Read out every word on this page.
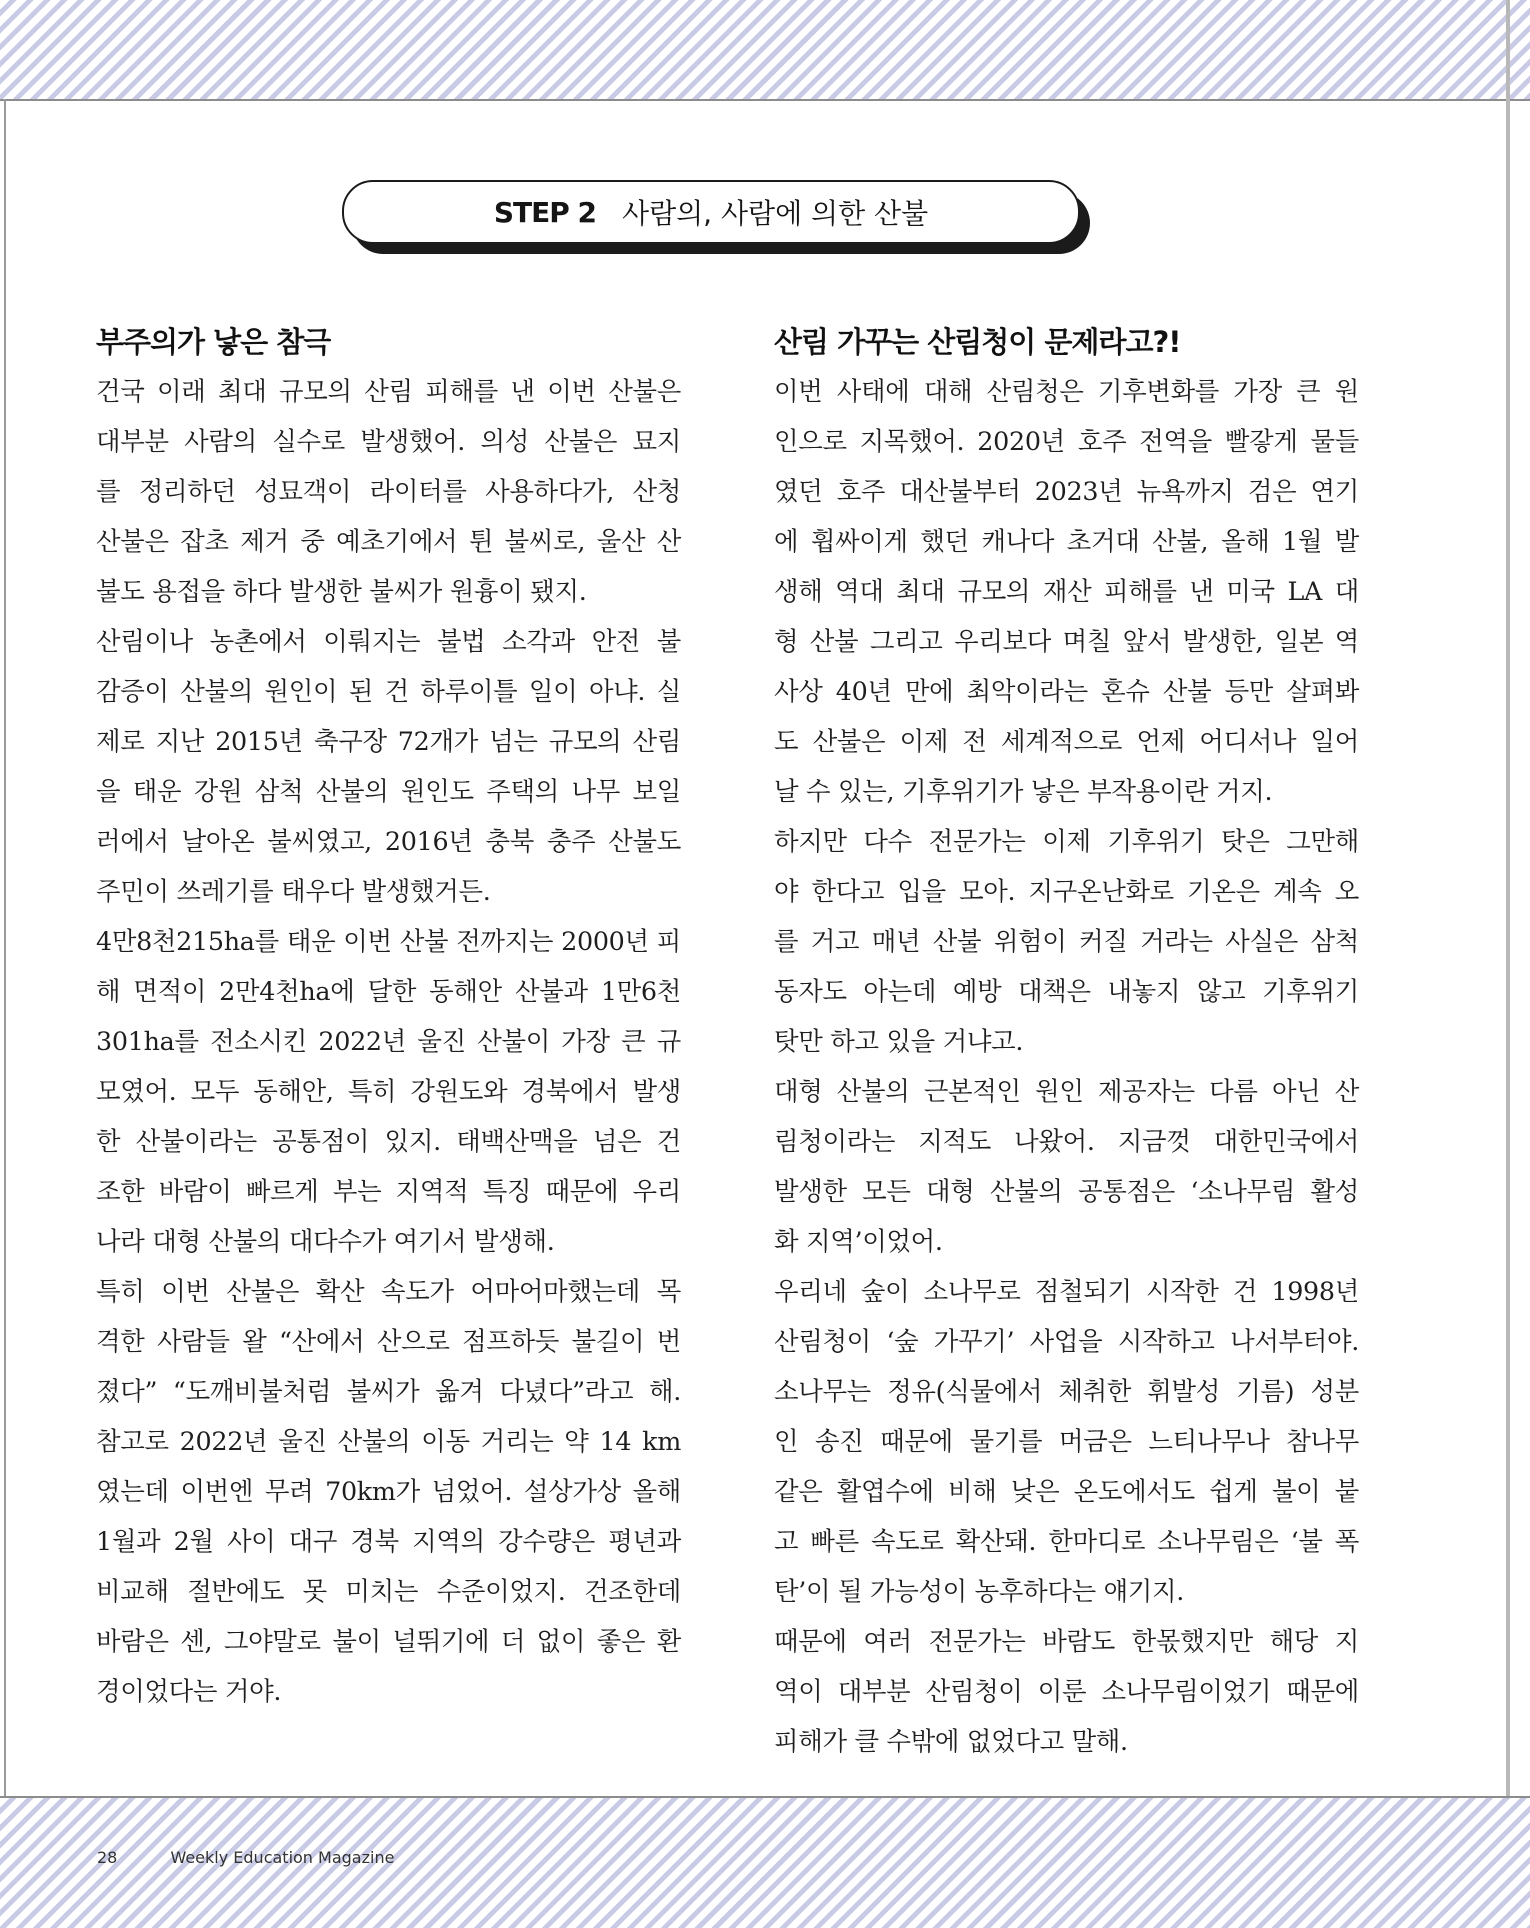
STEP 2 사람의, 사람에 의한 산불
부주의가 낳은 참극
건국 이래 최대 규모의 산림 피해를 낸 이번 산불은
대부분 사람의 실수로 발생했어. 의성 산불은 묘지
를 정리하던 성묘객이 라이터를 사용하다가, 산청
산불은 잡초 제거 중 예초기에서 튄 불씨로, 울산 산
불도 용접을 하다 발생한 불씨가 원흉이 됐지.
산림이나 농촌에서 이뤄지는 불법 소각과 안전 불
감증이 산불의 원인이 된 건 하루이틀 일이 아냐. 실
제로 지난 2015년 축구장 72개가 넘는 규모의 산림
을 태운 강원 삼척 산불의 원인도 주택의 나무 보일
러에서 날아온 불씨였고, 2016년 충북 충주 산불도
주민이 쓰레기를 태우다 발생했거든.
4만8천215ha를 태운 이번 산불 전까지는 2000년 피
해 면적이 2만4천ha에 달한 동해안 산불과 1만6천
301ha를 전소시킨 2022년 울진 산불이 가장 큰 규
모였어. 모두 동해안, 특히 강원도와 경북에서 발생
한 산불이라는 공통점이 있지. 태백산맥을 넘은 건
조한 바람이 빠르게 부는 지역적 특징 때문에 우리
나라 대형 산불의 대다수가 여기서 발생해.
특히 이번 산불은 확산 속도가 어마어마했는데 목
격한 사람들 왈 “산에서 산으로 점프하듯 불길이 번
졌다” “도깨비불처럼 불씨가 옮겨 다녔다”라고 해.
참고로 2022년 울진 산불의 이동 거리는 약 14 km
였는데 이번엔 무려 70km가 넘었어. 설상가상 올해
1월과 2월 사이 대구 경북 지역의 강수량은 평년과
비교해 절반에도 못 미치는 수준이었지. 건조한데
바람은 센, 그야말로 불이 널뛰기에 더 없이 좋은 환
경이었다는 거야.
산림 가꾸는 산림청이 문제라고?!
이번 사태에 대해 산림청은 기후변화를 가장 큰 원
인으로 지목했어. 2020년 호주 전역을 빨갛게 물들
였던 호주 대산불부터 2023년 뉴욕까지 검은 연기
에 휩싸이게 했던 캐나다 초거대 산불, 올해 1월 발
생해 역대 최대 규모의 재산 피해를 낸 미국 LA 대
형 산불 그리고 우리보다 며칠 앞서 발생한, 일본 역
사상 40년 만에 최악이라는 혼슈 산불 등만 살펴봐
도 산불은 이제 전 세계적으로 언제 어디서나 일어
날 수 있는, 기후위기가 낳은 부작용이란 거지.
하지만 다수 전문가는 이제 기후위기 탓은 그만해
야 한다고 입을 모아. 지구온난화로 기온은 계속 오
를 거고 매년 산불 위험이 커질 거라는 사실은 삼척
동자도 아는데 예방 대책은 내놓지 않고 기후위기
탓만 하고 있을 거냐고.
대형 산불의 근본적인 원인 제공자는 다름 아닌 산
림청이라는 지적도 나왔어. 지금껏 대한민국에서
발생한 모든 대형 산불의 공통점은 ‘소나무림 활성
화 지역’이었어.
우리네 숲이 소나무로 점철되기 시작한 건 1998년
산림청이 ‘숲 가꾸기’ 사업을 시작하고 나서부터야.
소나무는 정유(식물에서 체취한 휘발성 기름) 성분
인 송진 때문에 물기를 머금은 느티나무나 참나무
같은 활엽수에 비해 낮은 온도에서도 쉽게 불이 붙
고 빠른 속도로 확산돼. 한마디로 소나무림은 ‘불 폭
탄’이 될 가능성이 농후하다는 얘기지.
때문에 여러 전문가는 바람도 한몫했지만 해당 지
역이 대부분 산림청이 이룬 소나무림이었기 때문에
피해가 클 수밖에 없었다고 말해.
28	Weekly Education Magazine
